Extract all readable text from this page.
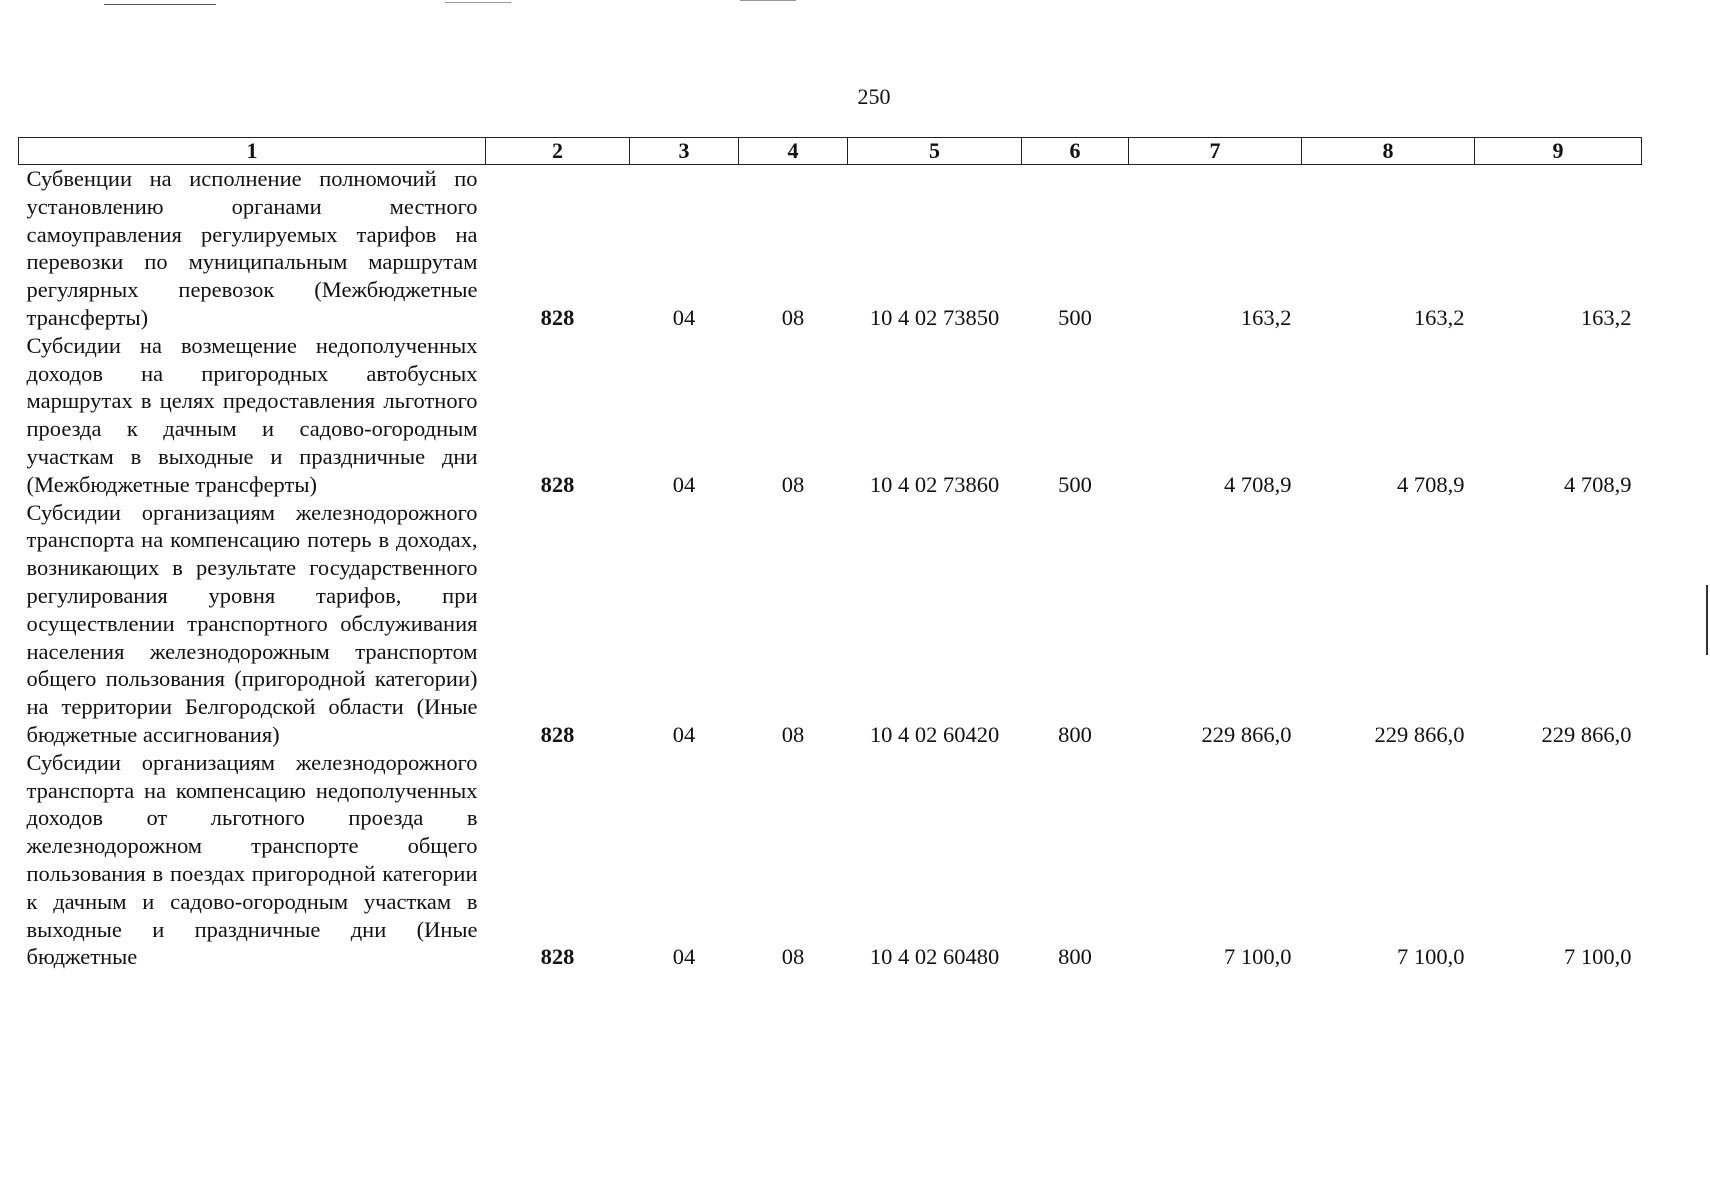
250
1	2	3	4	5	6	7	8	9
Субвенции на исполнение полномочий по установлению органами местного самоуправления регулируемых тарифов на перевозки по муниципальным маршрутам регулярных перевозок (Межбюджетные трансферты)	828	04	08	10 4 02 73850	500	163,2	163,2	163,2
Субсидии на возмещение недополученных доходов на пригородных автобусных маршрутах в целях предоставления льготного проезда к дачным и садово-огородным участкам в выходные и праздничные дни (Межбюджетные трансферты)	828	04	08	10 4 02 73860	500	4 708,9	4 708,9	4 708,9
Субсидии организациям железнодорожного транспорта на компенсацию потерь в доходах, возникающих в результате государственного регулирования уровня тарифов, при осуществлении транспортного обслуживания населения железнодорожным транспортом общего пользования (пригородной категории) на территории Белгородской области (Иные бюджетные ассигнования)	828	04	08	10 4 02 60420	800	229 866,0	229 866,0	229 866,0
Субсидии организациям железнодорожного транспорта на компенсацию недополученных доходов от льготного проезда в железнодорожном транспорте общего пользования в поездах пригородной категории к дачным и садово-огородным участкам в выходные и праздничные дни (Иные бюджетные	828	04	08	10 4 02 60480	800	7 100,0	7 100,0	7 100,0
